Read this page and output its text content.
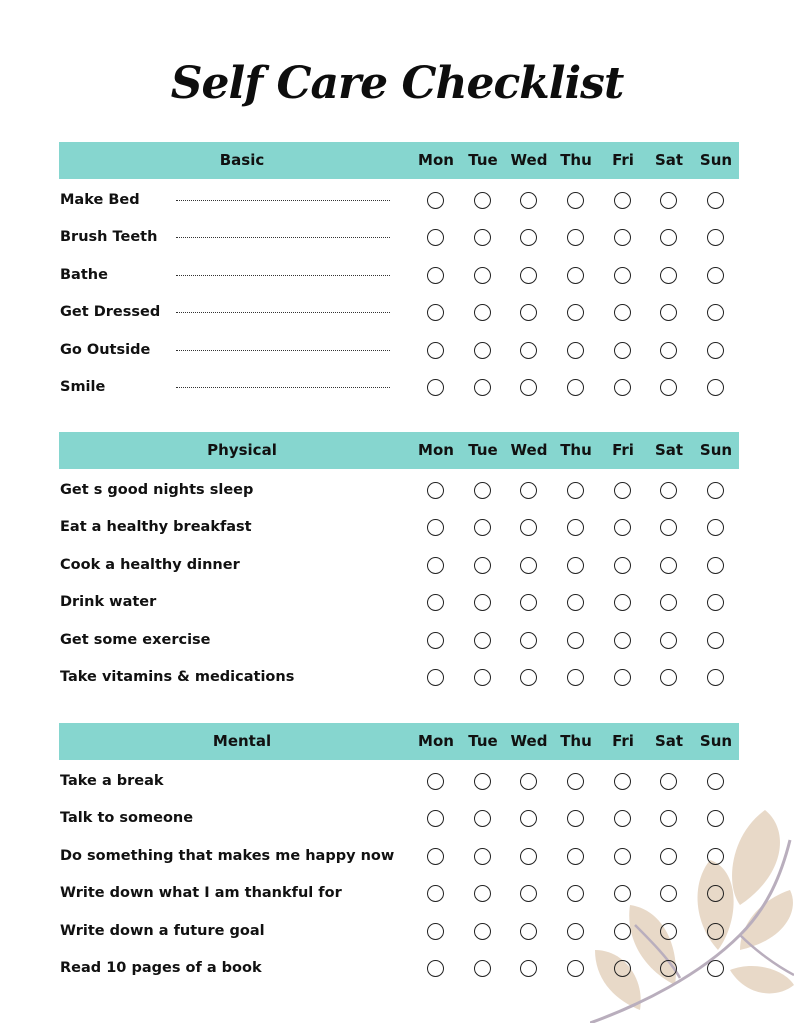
Self Care Checklist
Basic	Mon Tue Wed Thu	Fri	Sat	Sun
Make Bed
Brush Teeth
Bathe
Get Dressed
Go Outside
Smile
Physical	Mon Tue Wed Thu	Fri	Sat	Sun
Get s good nights sleep
Eat a healthy breakfast
Cook a healthy dinner
Drink water
Get some exercise
Take vitamins & medications
Mental	Mon Tue Wed Thu	Fri	Sat	Sun
Take a break
Talk to someone
Do something that makes me happy now
Write down what I am thankful for
Write down a future goal
Read 10 pages of a book
